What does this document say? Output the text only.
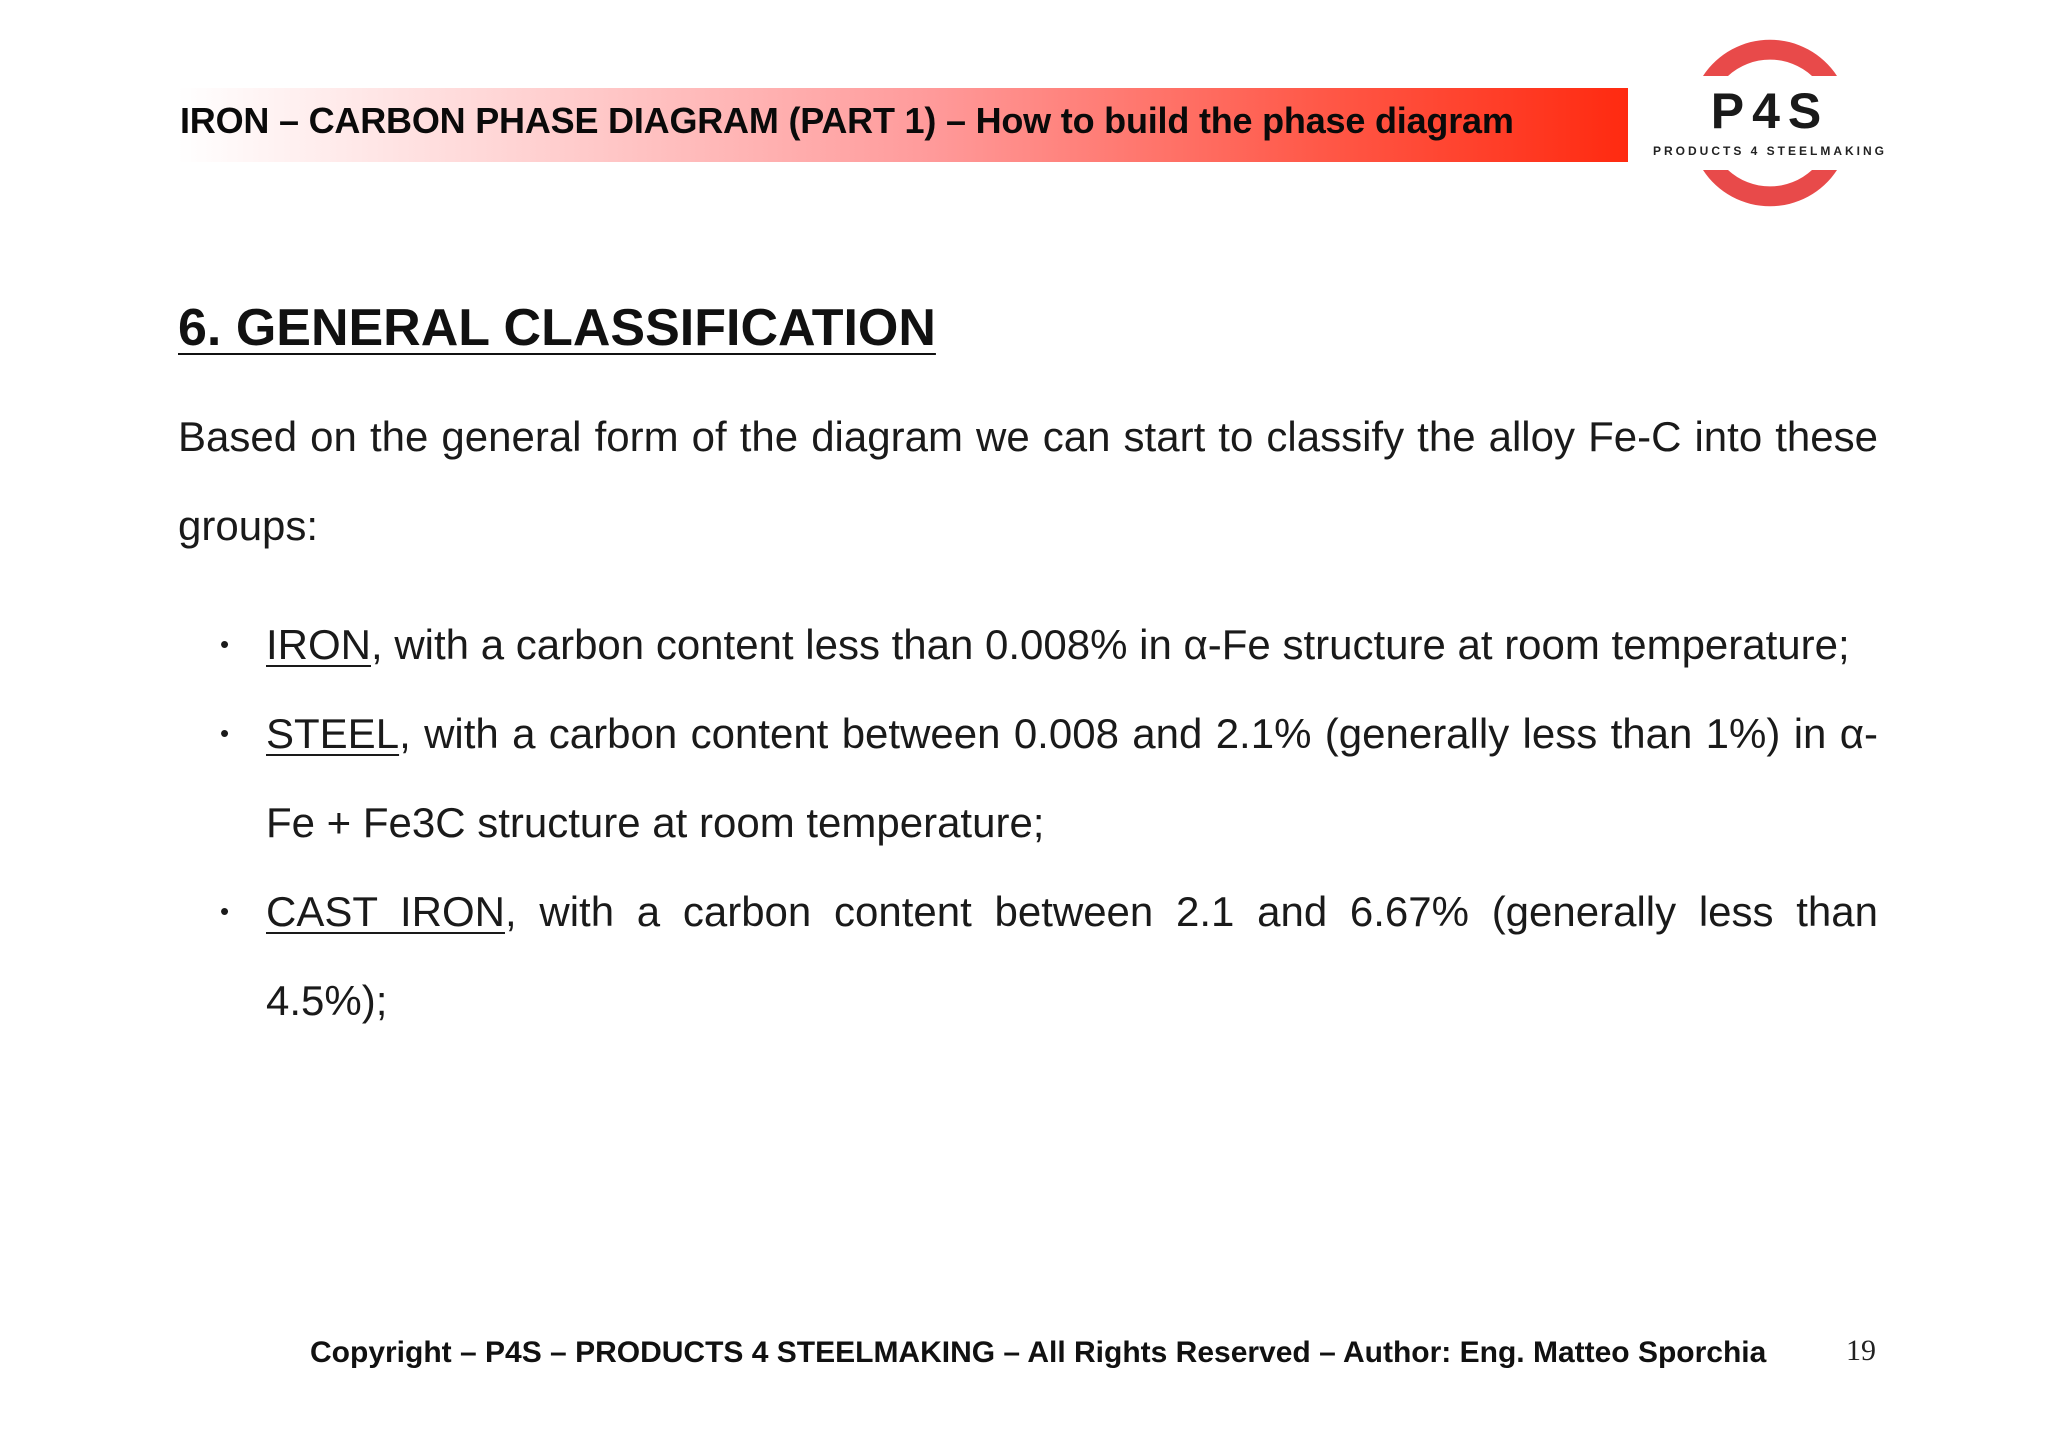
IRON – CARBON PHASE DIAGRAM (PART 1) – How to build the phase diagram	P4S
PRODUCTS 4 STEELMAKING
6. GENERAL CLASSIFICATION
Based on the general form of the diagram we can start to classify the alloy Fe-C into these groups:
• IRON, with a carbon content less than 0.008% in α-Fe structure at room temperature;
• STEEL, with a carbon content between 0.008 and 2.1% (generally less than 1%) in α-Fe + Fe3C structure at room temperature;
• CAST IRON, with a carbon content between 2.1 and 6.67% (generally less than 4.5%);
Copyright – P4S – PRODUCTS 4 STEELMAKING – All Rights Reserved – Author: Eng. Matteo Sporchia	19
